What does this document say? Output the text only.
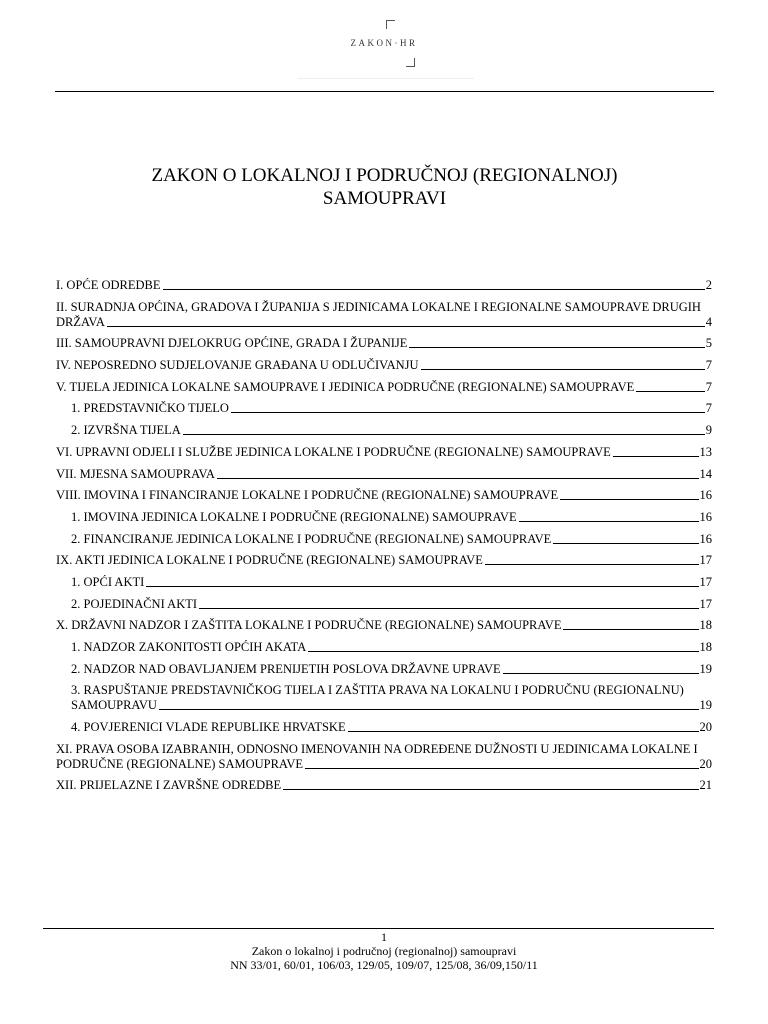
ZAKON·HR
ZAKON O LOKALNOJ I PODRUČNOJ (REGIONALNOJ)
SAMOUPRAVI
I. OPĆE ODREDBE	2
II. SURADNJA OPĆINA, GRADOVA I ŽUPANIJA S JEDINICAMA LOKALNE I REGIONALNE SAMOUPRAVE DRUGIH
DRŽAVA	4
III. SAMOUPRAVNI DJELOKRUG OPĆINE, GRADA I ŽUPANIJE	5
IV. NEPOSREDNO SUDJELOVANJE GRAĐANA U ODLUČIVANJU	7
V. TIJELA JEDINICA LOKALNE SAMOUPRAVE I JEDINICA PODRUČNE (REGIONALNE) SAMOUPRAVE	7
1. PREDSTAVNIČKO TIJELO	7
2. IZVRŠNA TIJELA	9
VI. UPRAVNI ODJELI I SLUŽBE JEDINICA LOKALNE I PODRUČNE (REGIONALNE) SAMOUPRAVE	13
VII. MJESNA SAMOUPRAVA	14
VIII. IMOVINA I FINANCIRANJE LOKALNE I PODRUČNE (REGIONALNE) SAMOUPRAVE	16
1. IMOVINA JEDINICA LOKALNE I PODRUČNE (REGIONALNE) SAMOUPRAVE	16
2. FINANCIRANJE JEDINICA LOKALNE I PODRUČNE (REGIONALNE) SAMOUPRAVE	16
IX. AKTI JEDINICA LOKALNE I PODRUČNE (REGIONALNE) SAMOUPRAVE	17
1. OPĆI AKTI	17
2. POJEDINAČNI AKTI	17
X. DRŽAVNI NADZOR I ZAŠTITA LOKALNE I PODRUČNE (REGIONALNE) SAMOUPRAVE	18
1. NADZOR ZAKONITOSTI OPĆIH AKATA	18
2. NADZOR NAD OBAVLJANJEM PRENIJETIH POSLOVA DRŽAVNE UPRAVE	19
3. RASPUŠTANJE PREDSTAVNIČKOG TIJELA I ZAŠTITA PRAVA NA LOKALNU I PODRUČNU (REGIONALNU)
SAMOUPRAVU	19
4. POVJERENICI VLADE REPUBLIKE HRVATSKE	20
XI. PRAVA OSOBA IZABRANIH, ODNOSNO IMENOVANIH NA ODREĐENE DUŽNOSTI U JEDINICAMA LOKALNE I
PODRUČNE (REGIONALNE) SAMOUPRAVE	20
XII. PRIJELAZNE I ZAVRŠNE ODREDBE	21
1
Zakon o lokalnoj i područnoj (regionalnoj) samoupravi
NN 33/01, 60/01, 106/03, 129/05, 109/07, 125/08, 36/09,150/11
